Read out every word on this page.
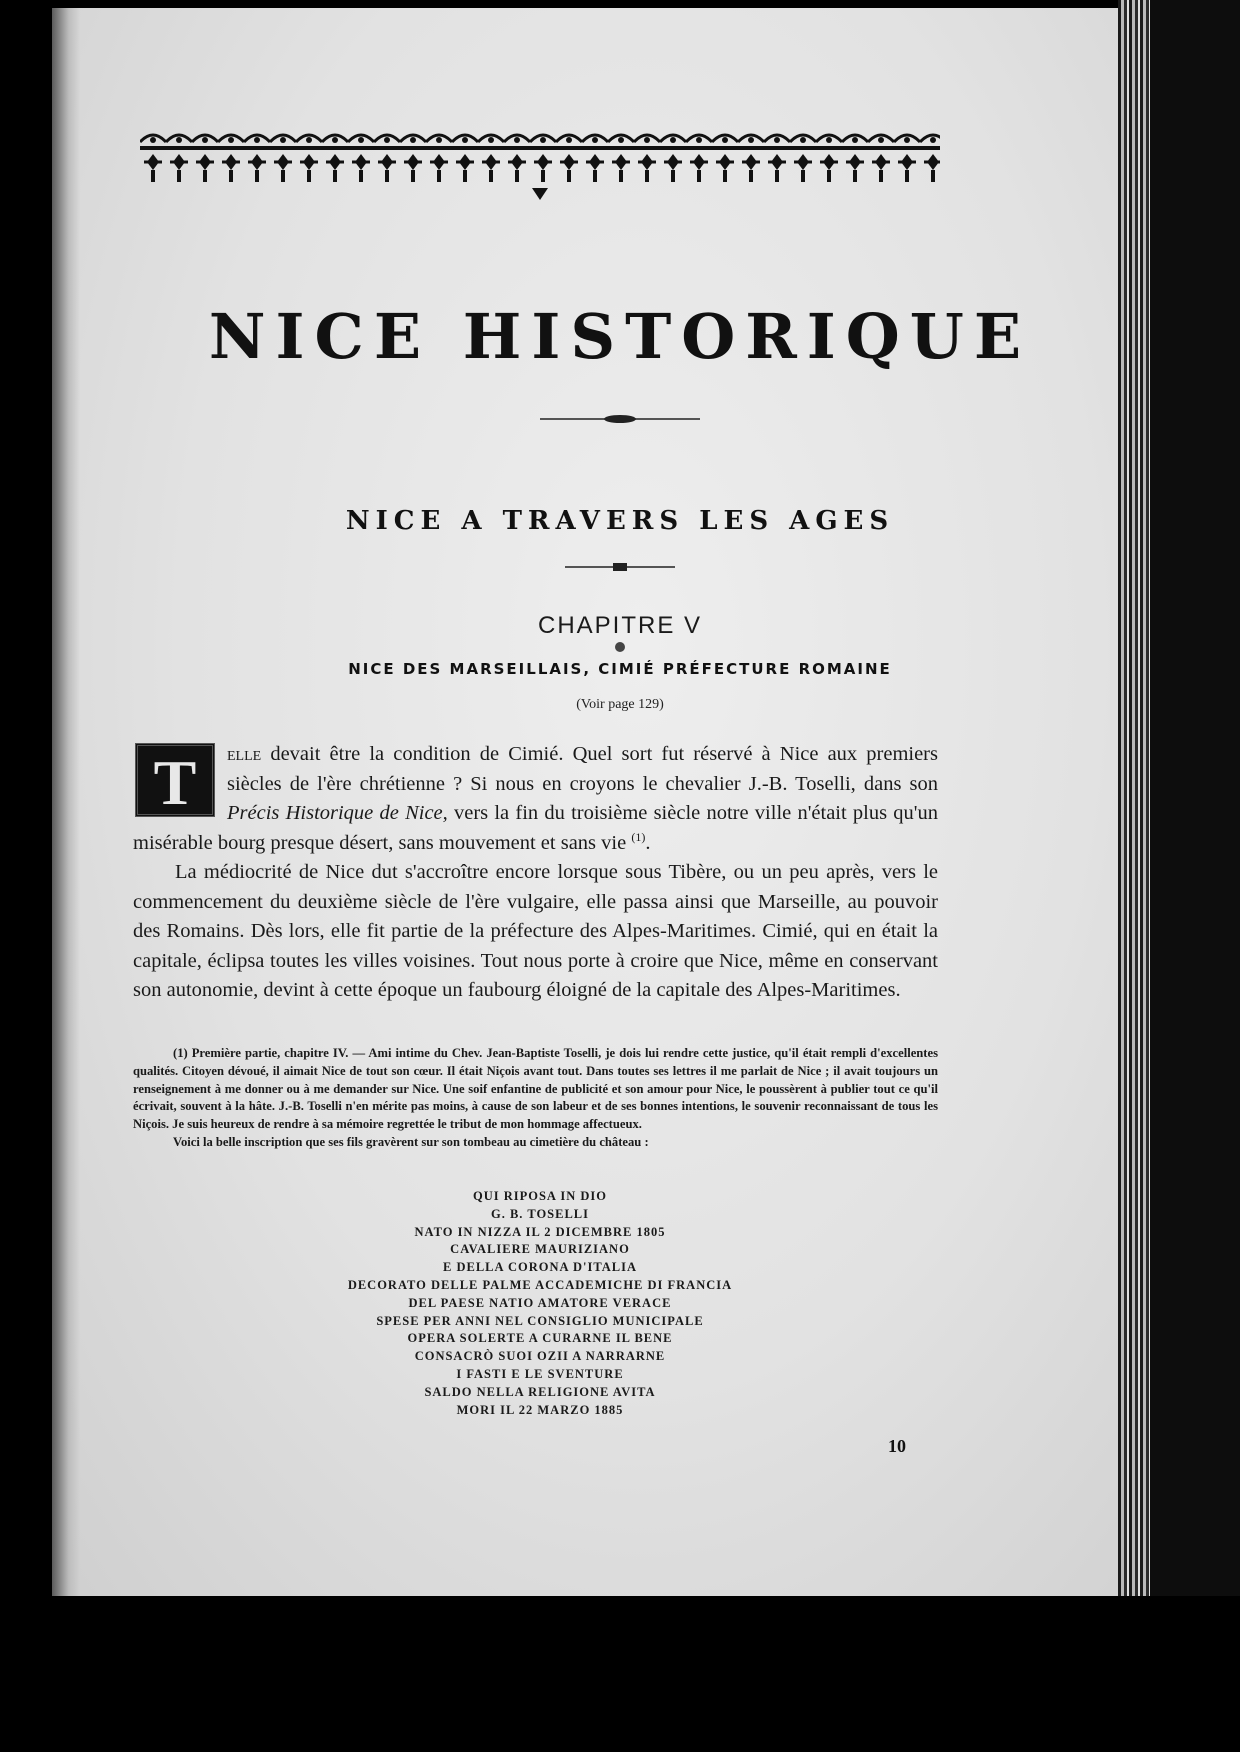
NICE HISTORIQUE
NICE A TRAVERS LES AGES
CHAPITRE V
NICE DES MARSEILLAIS, CIMIÉ PRÉFECTURE ROMAINE
(Voir page 129)

T	elle devait être la condition de Cimié. Quel sort fut réservé à Nice aux premiers siècles de l'ère chrétienne ? Si nous en croyons le chevalier J.-B. Toselli, dans son Précis Historique de Nice, vers la fin du troisième siècle notre ville n'était plus qu'un misérable bourg presque désert, sans mouvement et sans vie $^{(1)}$.

La médiocrité de Nice dut s'accroître encore lorsque sous Tibère, ou un peu après, vers le commencement du deuxième siècle de l'ère vulgaire, elle passa ainsi que Marseille, au pouvoir des Romains. Dès lors, elle fit partie de la préfecture des Alpes-Maritimes. Cimié, qui en était la capitale, éclipsa toutes les villes voisines. Tout nous porte à croire que Nice, même en conservant son autonomie, devint à cette époque un faubourg éloigné de la capitale des Alpes-Maritimes.

(1) Première partie, chapitre IV. — Ami intime du Chev. Jean-Baptiste Toselli, je dois lui rendre cette justice, qu'il était rempli d'excellentes qualités. Citoyen dévoué, il aimait Nice de tout son cœur. Il était Niçois avant tout. Dans toutes ses lettres il me parlait de Nice ; il avait toujours un renseignement à me donner ou à me demander sur Nice. Une soif enfantine de publicité et son amour pour Nice, le poussèrent à publier tout ce qu'il écrivait, souvent à la hâte. J.-B. Toselli n'en mérite pas moins, à cause de son labeur et de ses bonnes intentions, le souvenir reconnaissant de tous les Niçois. Je suis heureux de rendre à sa mémoire regrettée le tribut de mon hommage affectueux.

Voici la belle inscription que ses fils gravèrent sur son tombeau au cimetière du château :

QUI RIPOSA IN DIO
G. B. TOSELLI
NATO IN NIZZA IL 2 DICEMBRE 1805
CAVALIERE MAURIZIANO
E DELLA CORONA D'ITALIA
DECORATO DELLE PALME ACCADEMICHE DI FRANCIA
DEL PAESE NATIO AMATORE VERACE
SPESE PER ANNI NEL CONSIGLIO MUNICIPALE
OPERA SOLERTE A CURARNE IL BENE
CONSACRÒ SUOI OZII A NARRARNE
I FASTI E LE SVENTURE
SALDO NELLA RELIGIONE AVITA
MORI IL 22 MARZO 1885
10
